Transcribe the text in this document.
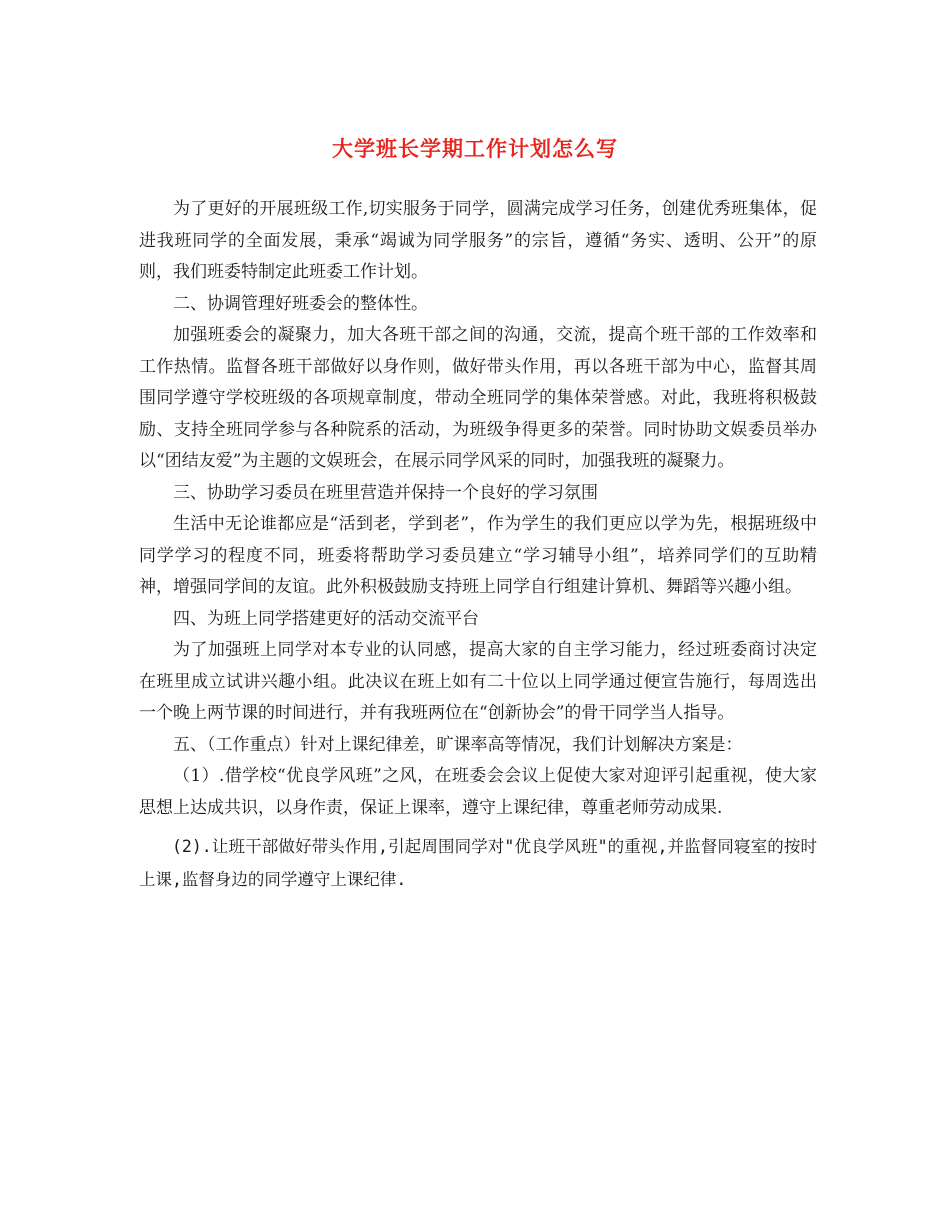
大学班长学期工作计划怎么写

为了更好的开展班级工作,切实服务于同学，圆满完成学习任务，创建优秀班集体，促进我班同学的全面发展，秉承“竭诚为同学服务”的宗旨，遵循“务实、透明、公开”的原则，我们班委特制定此班委工作计划。

二、协调管理好班委会的整体性。

加强班委会的凝聚力，加大各班干部之间的沟通，交流，提高个班干部的工作效率和工作热情。监督各班干部做好以身作则，做好带头作用，再以各班干部为中心，监督其周围同学遵守学校班级的各项规章制度，带动全班同学的集体荣誉感。对此，我班将积极鼓励、支持全班同学参与各种院系的活动，为班级争得更多的荣誉。同时协助文娱委员举办以“团结友爱”为主题的文娱班会，在展示同学风采的同时，加强我班的凝聚力。

三、协助学习委员在班里营造并保持一个良好的学习氛围

生活中无论谁都应是“活到老，学到老”，作为学生的我们更应以学为先，根据班级中同学学习的程度不同，班委将帮助学习委员建立“学习辅导小组”，培养同学们的互助精神，增强同学间的友谊。此外积极鼓励支持班上同学自行组建计算机、舞蹈等兴趣小组。

四、为班上同学搭建更好的活动交流平台

为了加强班上同学对本专业的认同感，提高大家的自主学习能力，经过班委商讨决定在班里成立试讲兴趣小组。此决议在班上如有二十位以上同学通过便宣告施行，每周选出一个晚上两节课的时间进行，并有我班两位在“创新协会”的骨干同学当人指导。

五、（工作重点）针对上课纪律差，旷课率高等情况，我们计划解决方案是：

（1）.借学校“优良学风班”之风，在班委会会议上促使大家对迎评引起重视，使大家思想上达成共识，以身作责，保证上课率，遵守上课纪律，尊重老师劳动成果.

(2).让班干部做好带头作用,引起周围同学对"优良学风班"的重视,并监督同寝室的按时上课,监督身边的同学遵守上课纪律.
